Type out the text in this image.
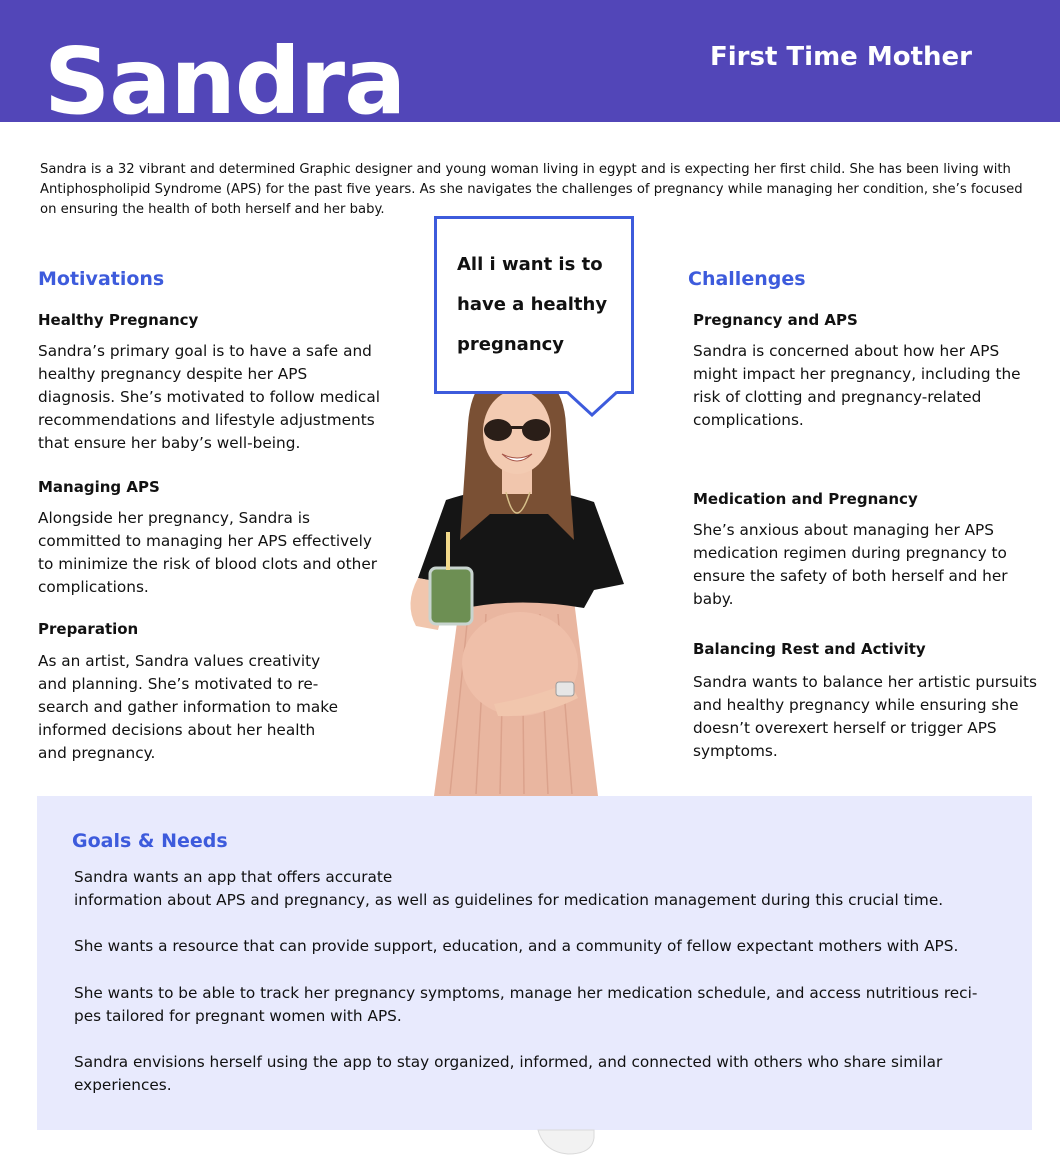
Sandra	First Time Mother

Sandra is a 32 vibrant and determined Graphic designer and young woman living in egypt and is expecting her first child. She has been living with Antiphospholipid Syndrome (APS) for the past five years. As she navigates the challenges of pregnancy while managing her condition, she’s focused on ensuring the health of both herself and her baby.

Motivations
Healthy Pregnancy
Sandra’s primary goal is to have a safe and
healthy pregnancy despite her APS
diagnosis. She’s motivated to follow medical
recommendations and lifestyle adjustments
that ensure her baby’s well-being.
Managing APS
Alongside her pregnancy, Sandra is
committed to managing her APS effectively
to minimize the risk of blood clots and other
complications.
Preparation
As an artist, Sandra values creativity
and planning. She’s motivated to re-
search and gather information to make
informed decisions about her health
and pregnancy.
All i want is to
have a healthy
pregnancy
Challenges
Pregnancy and APS
Sandra is concerned about how her APS
might impact her pregnancy, including the
risk of clotting and pregnancy-related
complications.
Medication and Pregnancy
She’s anxious about managing her APS
medication regimen during pregnancy to
ensure the safety of both herself and her
baby.
Balancing Rest and Activity
Sandra wants to balance her artistic pursuits
and healthy pregnancy while ensuring she
doesn’t overexert herself or trigger APS
symptoms.
Goals & Needs
Sandra wants an app that offers accurate
information about APS and pregnancy, as well as guidelines for medication management during this crucial time.
She wants a resource that can provide support, education, and a community of fellow expectant mothers with APS.
She wants to be able to track her pregnancy symptoms, manage her medication schedule, and access nutritious reci-
pes tailored for pregnant women with APS.
Sandra envisions herself using the app to stay organized, informed, and connected with others who share similar
experiences.
